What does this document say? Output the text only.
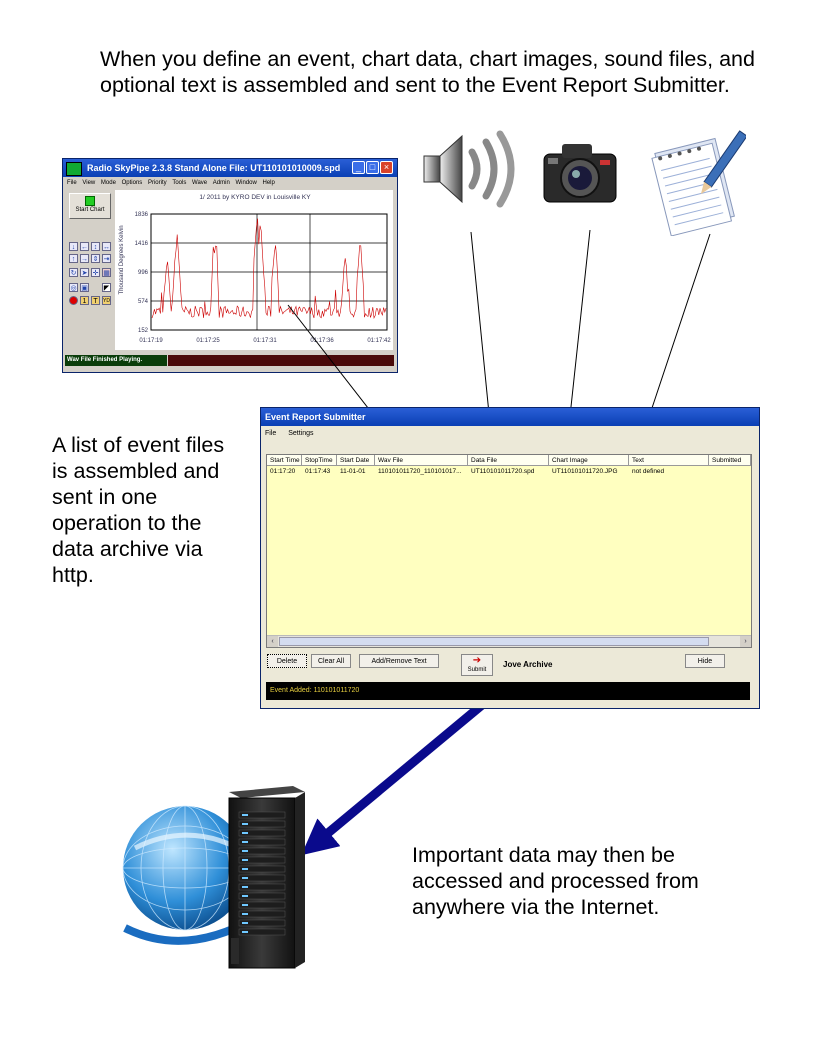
When you define an event, chart data, chart images, sound files, and optional text is assembled and sent to the Event Report Submitter.
A list of event files is assembled and sent in one operation to the data archive via http.
Important data may then be accessed and processed from anywhere via the Internet.
Radio SkyPipe 2.3.8 Stand Alone File: UT110101010009.spd	_ □ ×
File View Mode Options Priority Tools Wave Admin Window Help
Start Chart
↓ ← ↕ ↔
↑ → ⇕ ⇥
↻ ➤ ✛ ▦
◎ ▣ ◤
● 1 T	YD
1/ 2011 by KYRO DEV in Louisville KY
Thousand Degrees Kelvin
1836
1416
996
574
152
01:17:19	01:17:25	01:17:31	01:17:36	01:17:42
Wav File Finished Playing.
Event Report Submitter
File Settings
Start Time StopTime	Start Date	Wav File	Data File	Chart Image	Text	Submitted
01:17:20	01:17:43	11-01-01	110101011720_110101017...	UT110101011720.spd	UT110101011720.JPG	not defined
‹	›
Delete	Clear All	Add/Remove Text	➔
Submit
Jove Archive	Hide
Event Added: 110101011720
